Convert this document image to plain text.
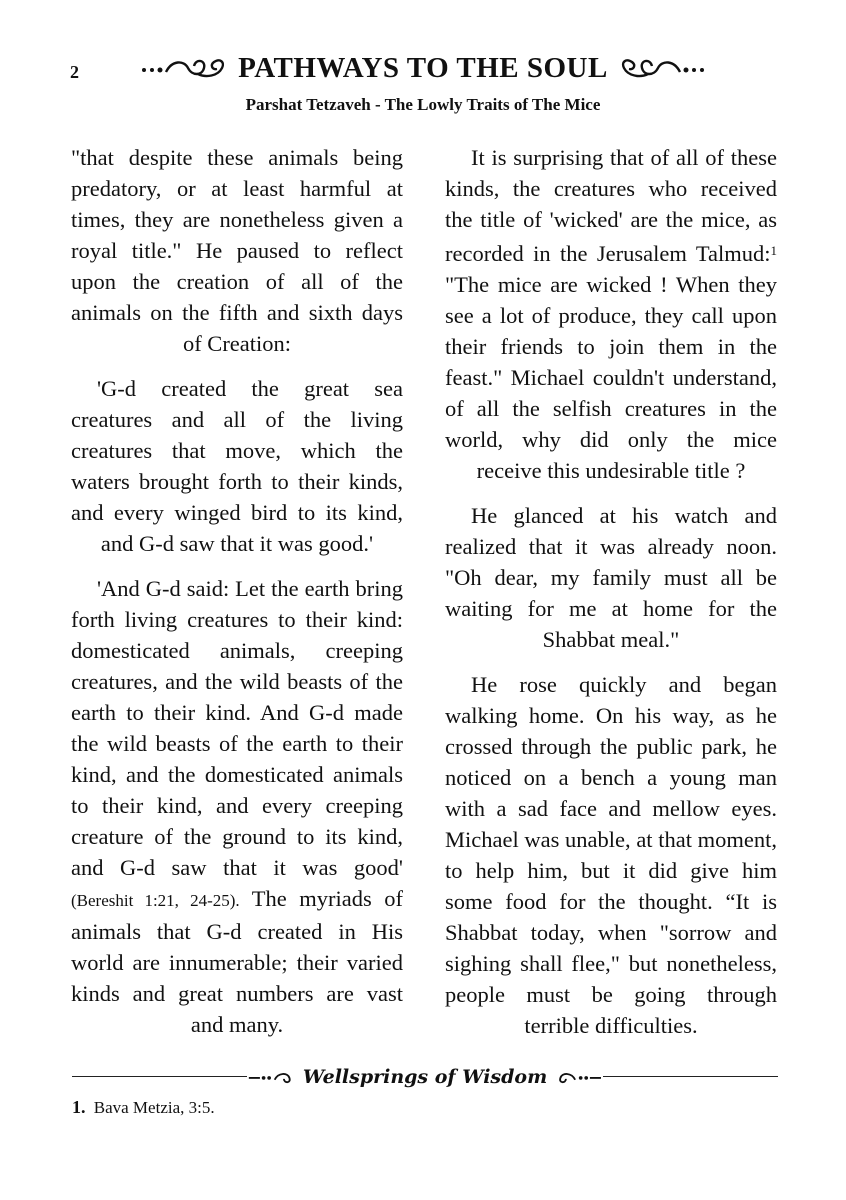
2	PATHWAYS TO THE SOUL
Parshat Tetzaveh - The Lowly Traits of The Mice

"that despite these animals being predatory, or at least harmful at times, they are nonetheless given a royal title." He paused to reflect upon the creation of all of the animals on the fifth and sixth days of Creation:

'G-d created the great sea creatures and all of the living creatures that move, which the waters brought forth to their kinds, and every winged bird to its kind, and G-d saw that it was good.'

'And G-d said: Let the earth bring forth living creatures to their kind: domesticated animals, creeping creatures, and the wild beasts of the earth to their kind. And G-d made the wild beasts of the earth to their kind, and the domesticated animals to their kind, and every creeping creature of the ground to its kind, and G-d saw that it was good' (Bereshit 1:21, 24-25). The myriads of animals that G-d created in His world are innumerable; their varied kinds and great numbers are vast and many.

It is surprising that of all of these kinds, the creatures who received the title of 'wicked' are the mice, as recorded in the Jerusalem Talmud:$^1$ "The mice are wicked ! When they see a lot of produce, they call upon their friends to join them in the feast." Michael couldn't understand, of all the selfish creatures in the world, why did only the mice receive this undesirable title ?

He glanced at his watch and realized that it was already noon. "Oh dear, my family must all be waiting for me at home for the Shabbat meal."

He rose quickly and began walking home. On his way, as he crossed through the public park, he noticed on a bench a young man with a sad face and mellow eyes. Michael was unable, at that moment, to help him, but it did give him some food for the thought. “It is Shabbat today, when "sorrow and sighing shall flee," but nonetheless, people must be going through terrible difficulties.

Wellsprings of Wisdom
1. Bava Metzia, 3:5.
